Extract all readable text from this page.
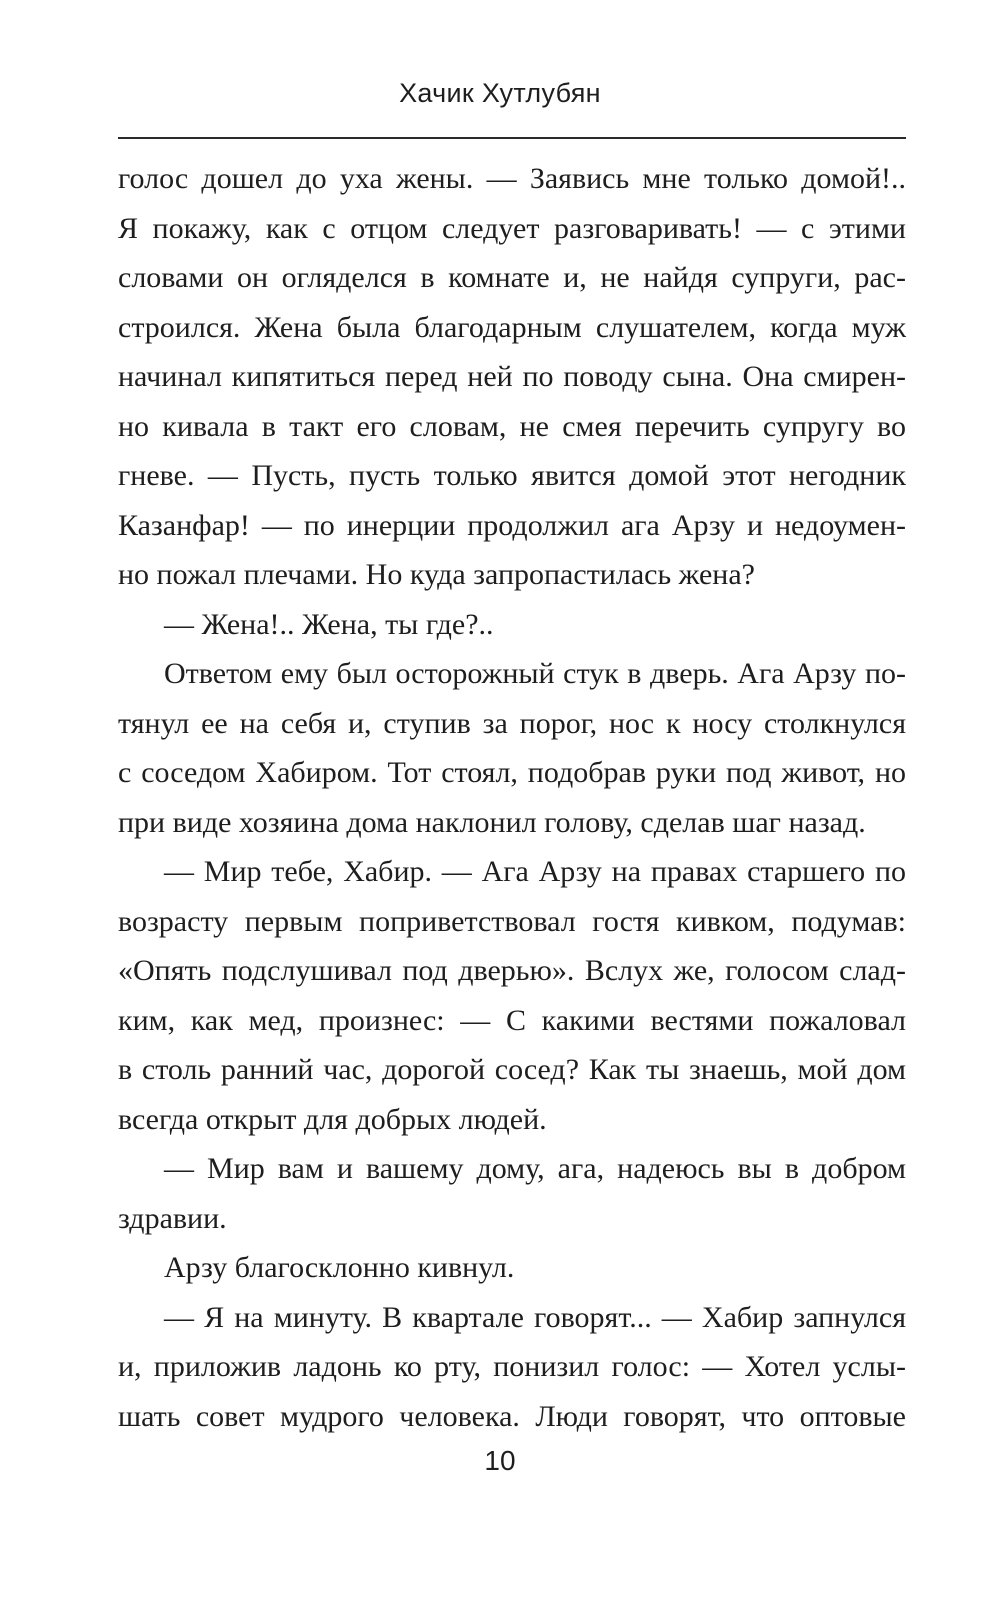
Хачик Хутлубян
голос дошел до уха жены. — Заявись мне только домой!..
Я покажу, как с отцом следует разговаривать! — с этими
словами он огляделся в комнате и, не найдя супруги, рас-
строился. Жена была благодарным слушателем, когда муж
начинал кипятиться перед ней по поводу сына. Она смирен-
но кивала в такт его словам, не смея перечить супругу во
гневе. — Пусть, пусть только явится домой этот негодник
Казанфар! — по инерции продолжил ага Арзу и недоумен-
но пожал плечами. Но куда запропастилась жена?
— Жена!.. Жена, ты где?..
Ответом ему был осторожный стук в дверь. Ага Арзу по-
тянул ее на себя и, ступив за порог, нос к носу столкнулся
с соседом Хабиром. Тот стоял, подобрав руки под живот, но
при виде хозяина дома наклонил голову, сделав шаг назад.
— Мир тебе, Хабир. — Ага Арзу на правах старшего по
возрасту первым поприветствовал гостя кивком, подумав:
«Опять подслушивал под дверью». Вслух же, голосом слад-
ким, как мед, произнес: — С какими вестями пожаловал
в столь ранний час, дорогой сосед? Как ты знаешь, мой дом
всегда открыт для добрых людей.
— Мир вам и вашему дому, ага, надеюсь вы в добром
здравии.
Арзу благосклонно кивнул.
— Я на минуту. В квартале говорят... — Хабир запнулся
и, приложив ладонь ко рту, понизил голос: — Хотел услы-
шать совет мудрого человека. Люди говорят, что оптовые
10
